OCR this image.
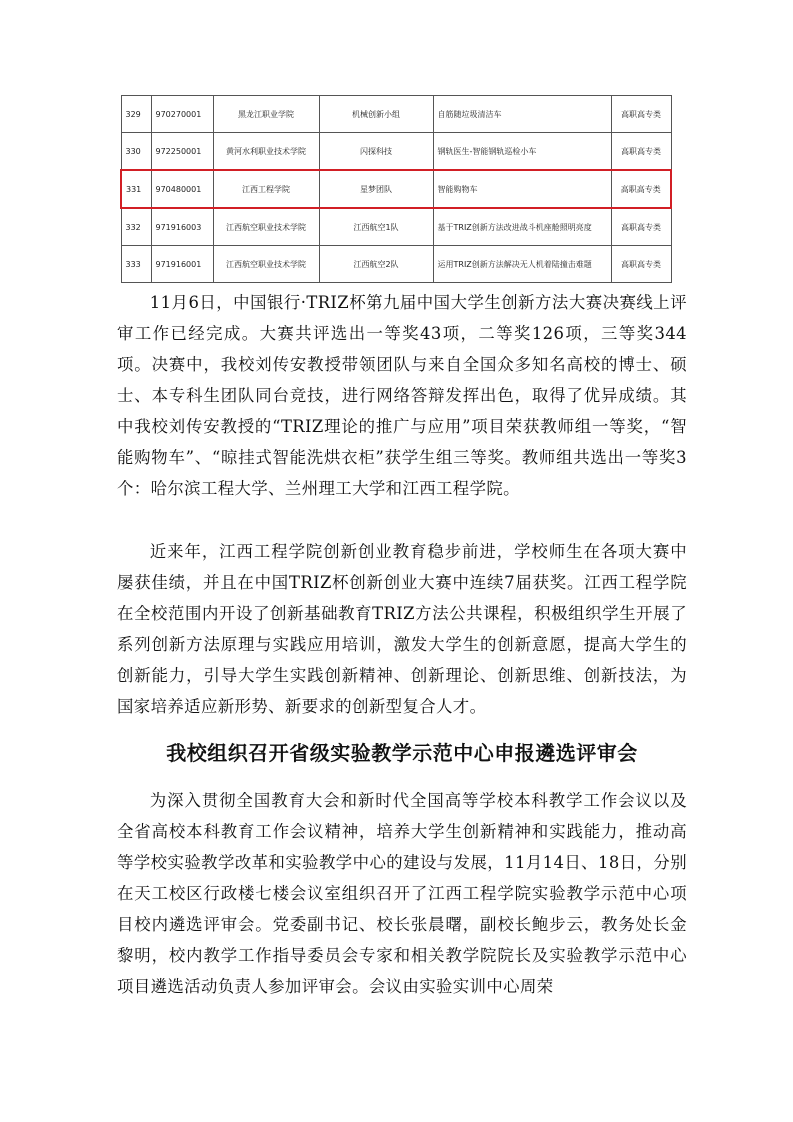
329	970270001	黑龙江职业学院	机械创新小组	自筋随垃圾清洁车	高职高专类
330	972250001	黄河水利职业技术学院	闪探科技	钢轨医生-智能钢轨巡检小车	高职高专类
331	970480001	江西工程学院	星梦团队	智能购物车	高职高专类
332	971916003	江西航空职业技术学院	江西航空1队	基于TRIZ创新方法改进战斗机座舱照明亮度	高职高专类
333	971916001	江西航空职业技术学院	江西航空2队	运用TRIZ创新方法解决无人机着陆撞击难题	高职高专类

11月6日，中国银行·TRIZ杯第九届中国大学生创新方法大赛决赛线上评审工作已经完成。大赛共评选出一等奖43项，二等奖126项，三等奖344项。决赛中，我校刘传安教授带领团队与来自全国众多知名高校的博士、硕士、本专科生团队同台竞技，进行网络答辩发挥出色，取得了优异成绩。其中我校刘传安教授的“TRIZ理论的推广与应用”项目荣获教师组一等奖，“智能购物车”、“晾挂式智能洗烘衣柜”获学生组三等奖。教师组共选出一等奖3个：哈尔滨工程大学、兰州理工大学和江西工程学院。

近来年，江西工程学院创新创业教育稳步前进，学校师生在各项大赛中屡获佳绩，并且在中国TRIZ杯创新创业大赛中连续7届获奖。江西工程学院在全校范围内开设了创新基础教育TRIZ方法公共课程，积极组织学生开展了系列创新方法原理与实践应用培训，激发大学生的创新意愿，提高大学生的创新能力，引导大学生实践创新精神、创新理论、创新思维、创新技法，为国家培养适应新形势、新要求的创新型复合人才。

我校组织召开省级实验教学示范中心申报遴选评审会

为深入贯彻全国教育大会和新时代全国高等学校本科教学工作会议以及全省高校本科教育工作会议精神，培养大学生创新精神和实践能力，推动高等学校实验教学改革和实验教学中心的建设与发展，11月14日、18日，分别在天工校区行政楼七楼会议室组织召开了江西工程学院实验教学示范中心项目校内遴选评审会。党委副书记、校长张晨曙，副校长鲍步云，教务处长金黎明，校内教学工作指导委员会专家和相关教学院院长及实验教学示范中心项目遴选活动负责人参加评审会。会议由实验实训中心周荣
